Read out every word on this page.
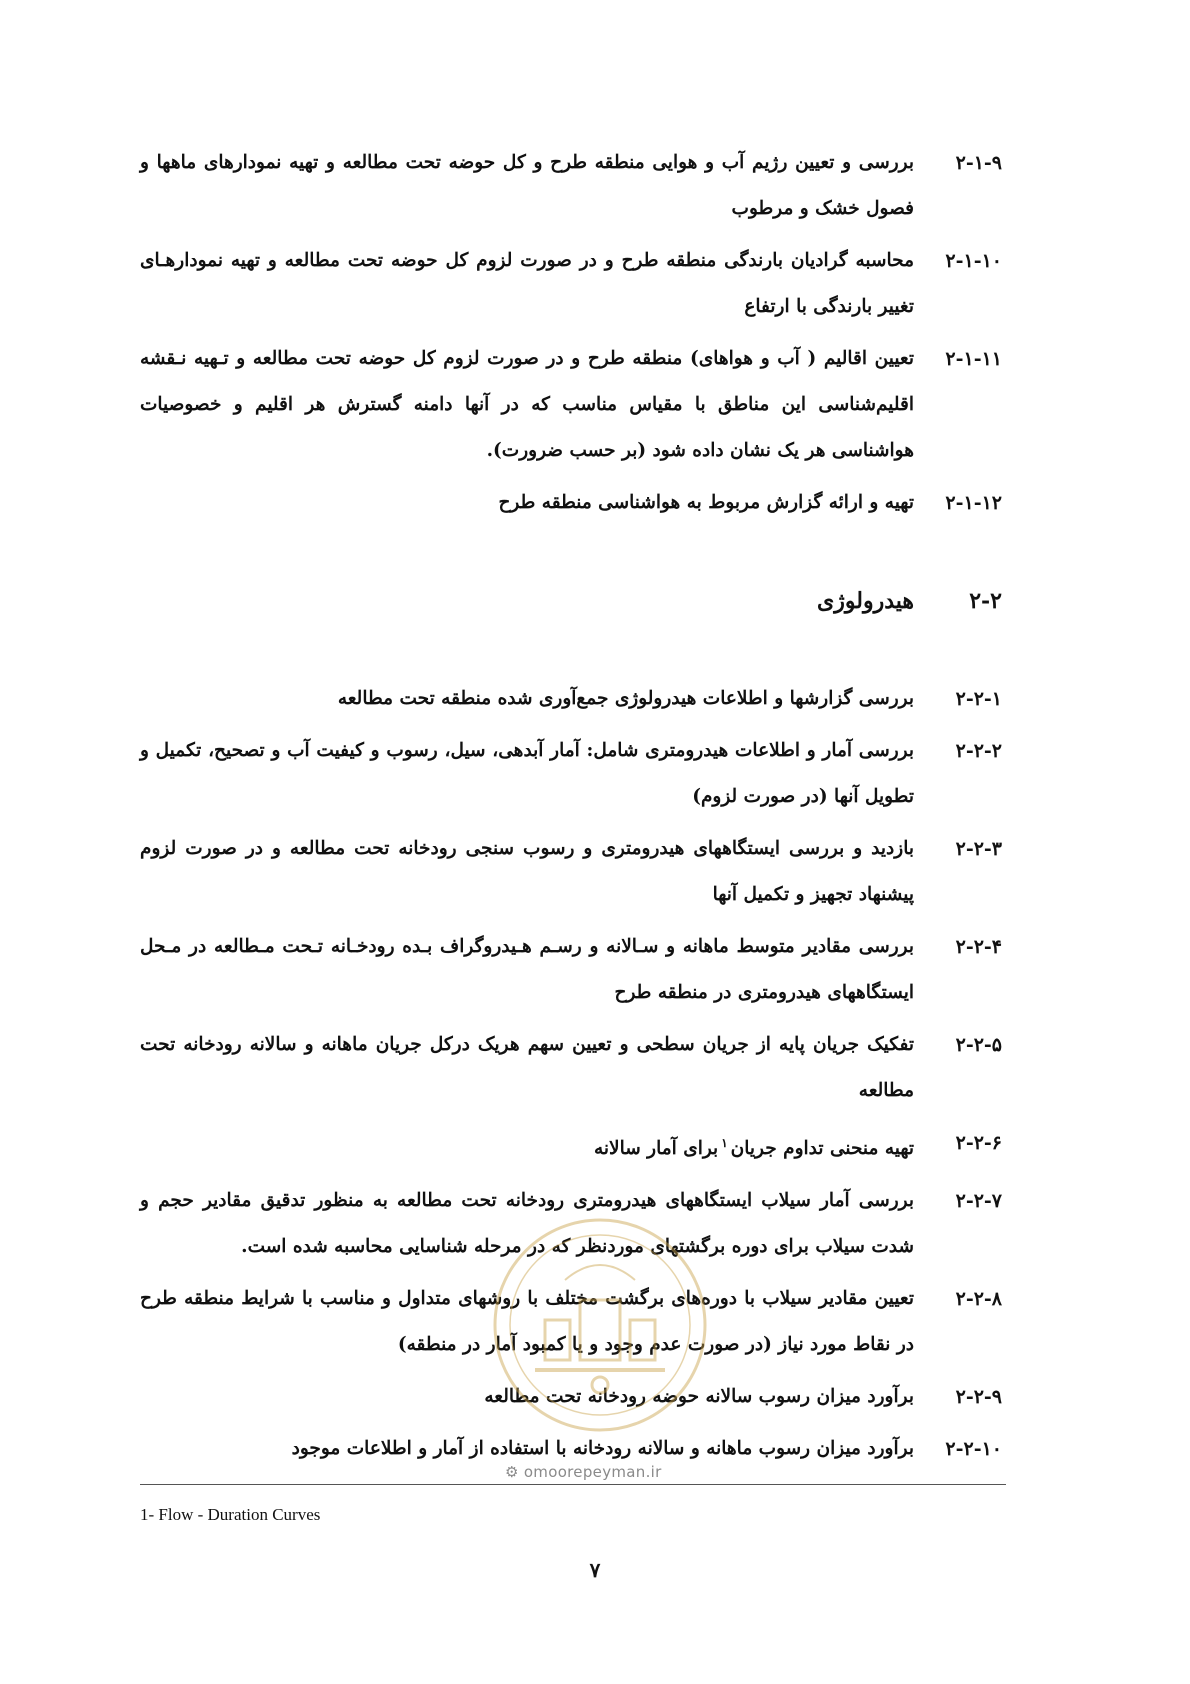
۲-۱-۹
بررسی و تعیین رژیم آب و هوایی منطقه طرح و کل حوضه تحت مطالعه و تهیه نمودارهای ماهها و فصول خشک و مرطوب
۲-۱-۱۰
محاسبه گرادیان بارندگی منطقه طرح و در صورت لزوم کل حوضه تحت مطالعه و تهیه نمودارهـای تغییر بارندگی با ارتفاع
۲-۱-۱۱
تعیین اقالیم ( آب و هواهای) منطقه طرح و در صورت لزوم کل حوضه تحت مطالعه و تـهیه نـقشه اقلیم‌شناسی این مناطق با مقیاس مناسب که در آنها دامنه گسترش هر اقلیم و خصوصیات هواشناسی هر یک نشان داده شود (بر حسب ضرورت).
۲-۱-۱۲
تهیه و ارائه گزارش مربوط به هواشناسی منطقه طرح
۲-۲
هیدرولوژی
۲-۲-۱
بررسی گزارشها و اطلاعات هیدرولوژی جمع‌آوری شده منطقه تحت مطالعه
۲-۲-۲
بررسی آمار و اطلاعات هیدرومتری شامل: آمار آبدهی، سیل، رسوب و کیفیت آب و تصحیح، تکمیل و تطویل آنها (در صورت لزوم)
۲-۲-۳
بازدید و بررسی ایستگاههای هیدرومتری و رسوب سنجی رودخانه تحت مطالعه و در صورت لزوم پیشنهاد تجهیز و تکمیل آنها
۲-۲-۴
بررسی مقادیر متوسط ماهانه و سـالانه و رسـم هـیدروگراف بـده رودخـانه تـحت مـطالعه در مـحل ایستگاههای هیدرومتری در منطقه طرح
۲-۲-۵
تفکیک جریان پایه از جریان سطحی و تعیین سهم هریک درکل جریان ماهانه و سالانه رودخانه تحت مطالعه
۲-۲-۶
تهیه منحنی تداوم جریان$^۱$برای آمار سالانه
۲-۲-۷
بررسی آمار سیلاب ایستگاههای هیدرومتری رودخانه تحت مطالعه به منظور تدقیق مقادیر حجم و شدت سیلاب برای دوره برگشتهای موردنظر که در مرحله شناسایی محاسبه شده است.
۲-۲-۸
تعیین مقادیر سیلاب با دوره‌های برگشت مختلف با روشهای متداول و مناسب با شرایط منطقه طرح در نقاط مورد نیاز (در صورت عدم وجود و یا کمبود آمار در منطقه)
۲-۲-۹
برآورد میزان رسوب سالانه حوضه رودخانه تحت مطالعه
۲-۲-۱۰
برآورد میزان رسوب ماهانه و سالانه رودخانه با استفاده از آمار و اطلاعات موجود
⚙ omoorepeyman.ir
1- Flow - Duration Curves
۷
